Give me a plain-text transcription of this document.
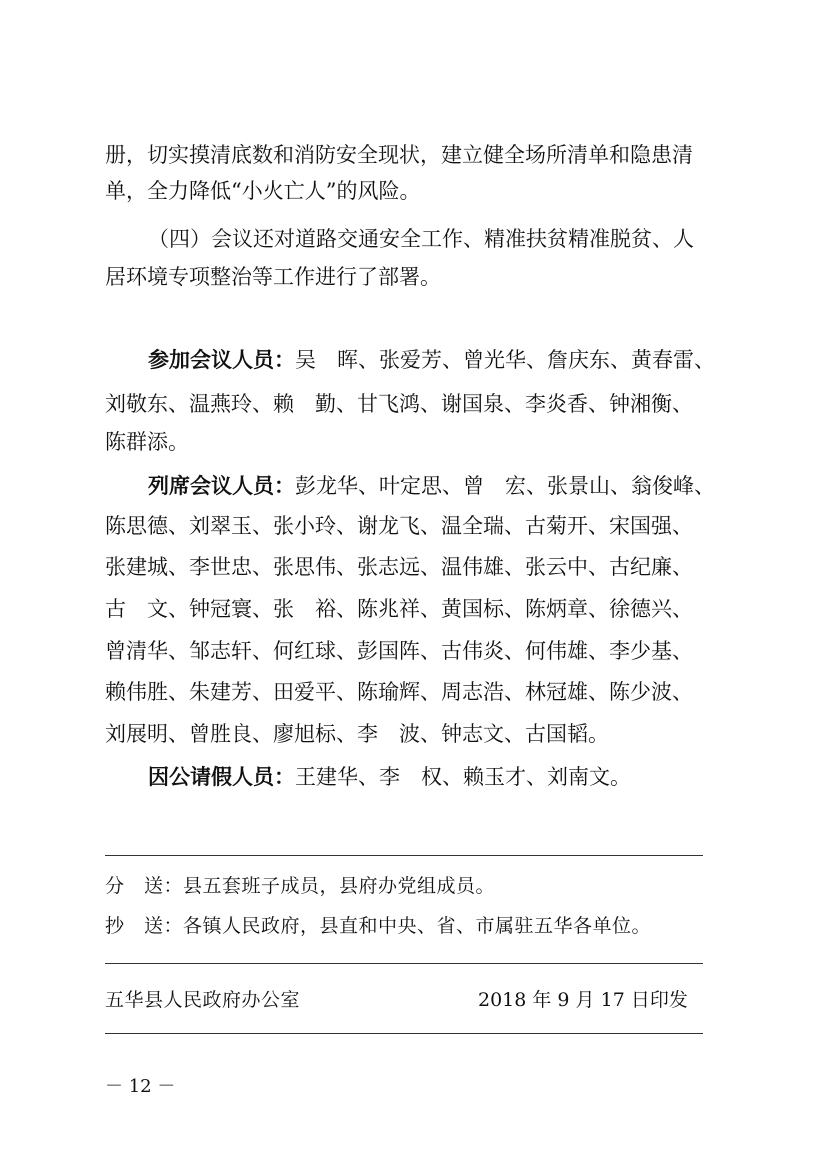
册，切实摸清底数和消防安全现状，建立健全场所清单和隐患清
单，全力降低“小火亡人”的风险。
（四）会议还对道路交通安全工作、精准扶贫精准脱贫、人
居环境专项整治等工作进行了部署。
参加会议人员：吴　晖、张爱芳、曾光华、詹庆东、黄春雷、
刘敬东、温燕玲、赖　勤、甘飞鸿、谢国泉、李炎香、钟湘衡、
陈群添。
列席会议人员：彭龙华、叶定思、曾　宏、张景山、翁俊峰、
陈思德、刘翠玉、张小玲、谢龙飞、温全瑞、古菊开、宋国强、
张建城、李世忠、张思伟、张志远、温伟雄、张云中、古纪廉、
古　文、钟冠寰、张　裕、陈兆祥、黄国标、陈炳章、徐德兴、
曾清华、邹志轩、何红球、彭国阵、古伟炎、何伟雄、李少基、
赖伟胜、朱建芳、田爱平、陈瑜辉、周志浩、林冠雄、陈少波、
刘展明、曾胜良、廖旭标、李　波、钟志文、古国韬。
因公请假人员：王建华、李　权、赖玉才、刘南文。
分　送：县五套班子成员，县府办党组成员。
抄　送：各镇人民政府，县直和中央、省、市属驻五华各单位。
五华县人民政府办公室	2018 年 9 月 17 日印发
－ 12 －
